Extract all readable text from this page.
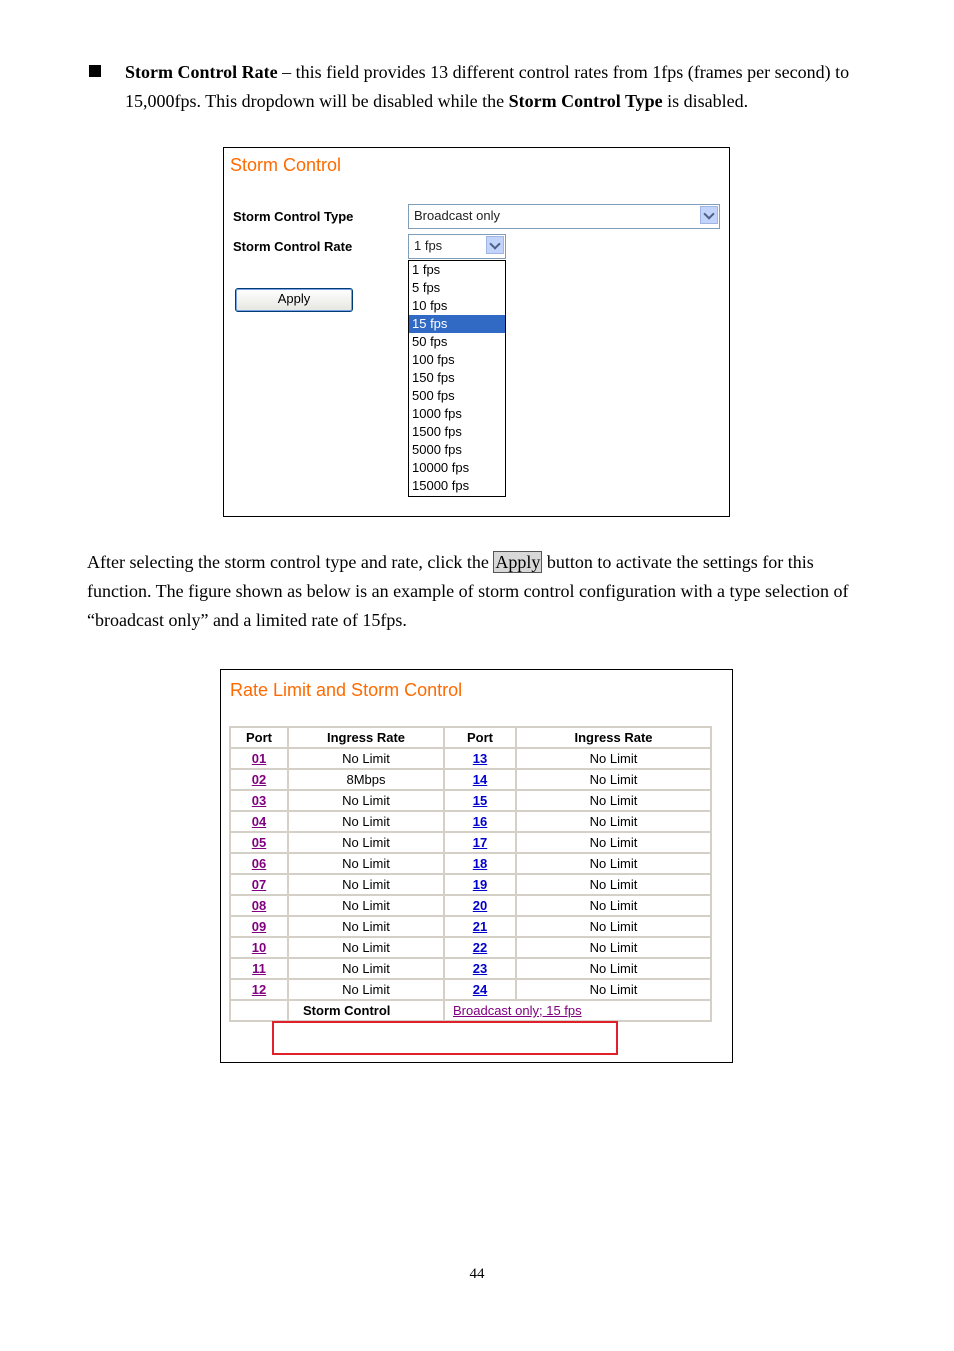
Storm Control Rate – this field provides 13 different control rates from 1fps (frames per second) to 15,000fps. This dropdown will be disabled while the Storm Control Type is disabled.
Storm Control
Storm Control Type	Broadcast only
Storm Control Rate	1 fps
Apply
1 fps
5 fps
10 fps
15 fps
50 fps
100 fps
150 fps
500 fps
1000 fps
1500 fps
5000 fps
10000 fps
15000 fps
After selecting the storm control type and rate, click the Apply button to activate the settings for this function. The figure shown as below is an example of storm control configuration with a type selection of “broadcast only” and a limited rate of 15fps.
Rate Limit and Storm Control
Port	Ingress Rate	Port	Ingress Rate
01	No Limit	13	No Limit
02	8Mbps	14	No Limit
03	No Limit	15	No Limit
04	No Limit	16	No Limit
05	No Limit	17	No Limit
06	No Limit	18	No Limit
07	No Limit	19	No Limit
08	No Limit	20	No Limit
09	No Limit	21	No Limit
10	No Limit	22	No Limit
11	No Limit	23	No Limit
12	No Limit	24	No Limit
	Storm Control	Broadcast only; 15 fps	
44
